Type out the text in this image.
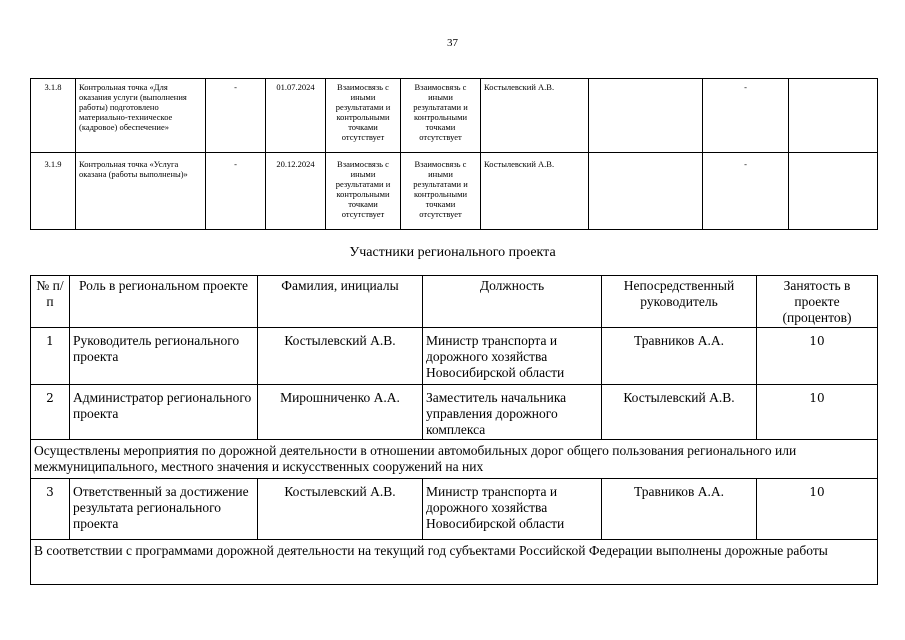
37
3.1.8	Контрольная точка «Для оказания услуги (выполнения работы) подготовлено материально-техническое (кадровое) обеспечение»	-	01.07.2024	Взаимосвязь с иными результатами и контрольными точками отсутствует	Взаимосвязь с иными результатами и контрольными точками отсутствует	Костылевский А.В.		-	
3.1.9	Контрольная точка «Услуга оказана (работы выполнены)»	-	20.12.2024	Взаимосвязь с иными результатами и контрольными точками отсутствует	Взаимосвязь с иными результатами и контрольными точками отсутствует	Костылевский А.В.		-	
Участники регионального проекта
№ п/п	Роль в региональном проекте	Фамилия, инициалы	Должность	Непосредственный руководитель	Занятость в проекте (процентов)
1	Руководитель регионального проекта	Костылевский А.В.	Министр транспорта и дорожного хозяйства Новосибирской области	Травников А.А.	10
2	Администратор регионального проекта	Мирошниченко А.А.	Заместитель начальника управления дорожного комплекса	Костылевский А.В.	10
Осуществлены мероприятия по дорожной деятельности в отношении автомобильных дорог общего пользования регионального или межмуниципального, местного значения и искусственных сооружений на них					
3	Ответственный за достижение результата регионального проекта	Костылевский А.В.	Министр транспорта и дорожного хозяйства Новосибирской области	Травников А.А.	10
В соответствии с программами дорожной деятельности на текущий год субъектами Российской Федерации выполнены дорожные работы					
